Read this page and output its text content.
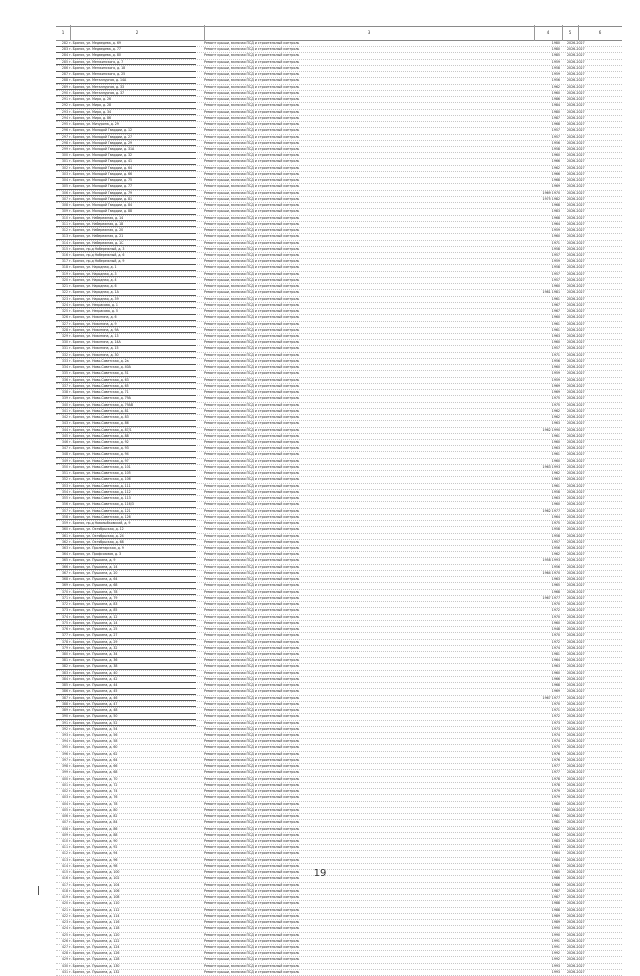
1	2	3	4	5	6
282 г. Брянск, ул. Медведева, д. 69	Ремонт крыши, включая ПСД и строительный контроль	1980 2026-2027
283 г. Брянск, ул. Медведева, д. 77	Ремонт крыши, включая ПСД и строительный контроль	1980 2026-2027
284 г. Брянск, ул. Медведева, д. 80	Ремонт крыши, включая ПСД и строительный контроль	1985 2026-2027
285 г. Брянск, ул. Менжинского, д. 7	Ремонт крыши, включая ПСД и строительный контроль	1959 2026-2027
286 г. Брянск, ул. Менжинского, д. 18	Ремонт крыши, включая ПСД и строительный контроль	1958 2026-2027
287 г. Брянск, ул. Менжинского, д. 25	Ремонт крыши, включая ПСД и строительный контроль	1959 2026-2027
288 г. Брянск, ул. Металлургов, д. 14А	Ремонт крыши, включая ПСД и строительный контроль	1956 2026-2027
289 г. Брянск, ул. Металлургов, д. 33	Ремонт крыши, включая ПСД и строительный контроль	1962 2026-2027
290 г. Брянск, ул. Металлургов, д. 37	Ремонт крыши, включая ПСД и строительный контроль	1960 2026-2027
291 г. Брянск, ул. Мира, д. 26	Ремонт крыши, включая ПСД и строительный контроль	1986 2026-2027
292 г. Брянск, ул. Мира, д. 28	Ремонт крыши, включая ПСД и строительный контроль	1984 2026-2027
293 г. Брянск, ул. Мира, д. 34	Ремонт крыши, включая ПСД и строительный контроль	1980 2026-2027
294 г. Брянск, ул. Мира, д. 86	Ремонт крыши, включая ПСД и строительный контроль	1987 2026-2027
295 г. Брянск, ул. Мичурина, д. 29	Ремонт крыши, включая ПСД и строительный контроль	1968 2026-2027
296 г. Брянск, ул. Молодой Гвардии, д. 12	Ремонт крыши, включая ПСД и строительный контроль	1957 2026-2027
297 г. Брянск, ул. Молодой Гвардии, д. 27	Ремонт крыши, включая ПСД и строительный контроль	1957 2026-2027
298 г. Брянск, ул. Молодой Гвардии, д. 29	Ремонт крыши, включая ПСД и строительный контроль	1956 2026-2027
299 г. Брянск, ул. Молодой Гвардии, д. 31А	Ремонт крыши, включая ПСД и строительный контроль	1958 2026-2027
300 г. Брянск, ул. Молодой Гвардии, д. 32	Ремонт крыши, включая ПСД и строительный контроль	1960 2026-2027
301 г. Брянск, ул. Молодой Гвардии, д. 41	Ремонт крыши, включая ПСД и строительный контроль	1966 2026-2027
302 г. Брянск, ул. Молодой Гвардии, д. 64	Ремонт крыши, включая ПСД и строительный контроль	1962 2026-2027
303 г. Брянск, ул. Молодой Гвардии, д. 66	Ремонт крыши, включая ПСД и строительный контроль	1966 2026-2027
304 г. Брянск, ул. Молодой Гвардии, д. 75	Ремонт крыши, включая ПСД и строительный контроль	1968 2026-2027
305 г. Брянск, ул. Молодой Гвардии, д. 77	Ремонт крыши, включая ПСД и строительный контроль	1969 2026-2027
306 г. Брянск, ул. Молодой Гвардии, д. 79	Ремонт крыши, включая ПСД и строительный контроль	1969 1970 2026-2027
307 г. Брянск, ул. Молодой Гвардии, д. 81	Ремонт крыши, включая ПСД и строительный контроль	1975 1982 2026-2027
308 г. Брянск, ул. Молодой Гвардии, д. 84	Ремонт крыши, включая ПСД и строительный контроль	1968 2026-2027
309 г. Брянск, ул. Молодой Гвардии, д. 88	Ремонт крыши, включая ПСД и строительный контроль	1983 2026-2027
310 г. Брянск, ул. Набережная, д. 14	Ремонт крыши, включая ПСД и строительный контроль	1968 2026-2027
311 г. Брянск, ул. Набережная, д. 18	Ремонт крыши, включая ПСД и строительный контроль	1964 2026-2027
312 г. Брянск, ул. Набережная, д. 20	Ремонт крыши, включая ПСД и строительный контроль	1959 2026-2027
313 г. Брянск, ул. Набережная, д. 21	Ремонт крыши, включая ПСД и строительный контроль	1960 2026-2027
314 г. Брянск, ул. Набережная, д. 1С	Ремонт крыши, включая ПСД и строительный контроль	1971 2026-2027
315 г. Брянск, пр-д Набережный, д. 3	Ремонт крыши, включая ПСД и строительный контроль	1958 2026-2027
316 г. Брянск, пр-д Набережный, д. 6	Ремонт крыши, включая ПСД и строительный контроль	1957 2026-2027
317 г. Брянск, пр-д Набережный, д. 9	Ремонт крыши, включая ПСД и строительный контроль	1959 2026-2027
318 г. Брянск, ул. Народная, д. 1	Ремонт крыши, включая ПСД и строительный контроль	1958 2026-2027
319 г. Брянск, ул. Народная, д. 3	Ремонт крыши, включая ПСД и строительный контроль	1957 2026-2027
320 г. Брянск, ул. Народная, д. 4	Ремонт крыши, включая ПСД и строительный контроль	1957 2026-2027
321 г. Брянск, ул. Народная, д. 6	Ремонт крыши, включая ПСД и строительный контроль	1960 2026-2027
322 г. Брянск, ул. Народная, д. 1А	Ремонт крыши, включая ПСД и строительный контроль	1981 1981 2026-2027
323 г. Брянск, ул. Народная, д. 39	Ремонт крыши, включая ПСД и строительный контроль	1961 2026-2027
324 г. Брянск, ул. Некрасова, д. 1	Ремонт крыши, включая ПСД и строительный контроль	1967 2026-2027
325 г. Брянск, ул. Некрасова, д. 5	Ремонт крыши, включая ПСД и строительный контроль	1967 2026-2027
326 г. Брянск, ул. Никитина, д. 6	Ремонт крыши, включая ПСД и строительный контроль	1960 2026-2027
327 г. Брянск, ул. Никитина, д. 9	Ремонт крыши, включая ПСД и строительный контроль	1961 2026-2027
328 г. Брянск, ул. Никитина, д. 9А	Ремонт крыши, включая ПСД и строительный контроль	1961 2026-2027
329 г. Брянск, ул. Никитина, д. 13	Ремонт крыши, включая ПСД и строительный контроль	1963 2026-2027
330 г. Брянск, ул. Никитина, д. 14А	Ремонт крыши, включая ПСД и строительный контроль	1960 2026-2027
331 г. Брянск, ул. Никитина, д. 15	Ремонт крыши, включая ПСД и строительный контроль	1957 2026-2027
332 г. Брянск, ул. Никитина, д. 30	Ремонт крыши, включая ПСД и строительный контроль	1971 2026-2027
333 г. Брянск, ул. Ново-Советская, д. 2а	Ремонт крыши, включая ПСД и строительный контроль	1956 2026-2027
334 г. Брянск, ул. Ново-Советская, д. 40А	Ремонт крыши, включая ПСД и строительный контроль	1960 2026-2027
335 г. Брянск, ул. Ново-Советская, д. 51	Ремонт крыши, включая ПСД и строительный контроль	1959 2026-2027
336 г. Брянск, ул. Ново-Советская, д. 63	Ремонт крыши, включая ПСД и строительный контроль	1959 2026-2027
337 г. Брянск, ул. Ново-Советская, д. 65	Ремонт крыши, включая ПСД и строительный контроль	1969 2026-2027
338 г. Брянск, ул. Ново-Советская, д. 71	Ремонт крыши, включая ПСД и строительный контроль	1969 2026-2027
339 г. Брянск, ул. Ново-Советская, д. 79А	Ремонт крыши, включая ПСД и строительный контроль	1975 2026-2027
340 г. Брянск, ул. Ново-Советская, д. 79АВ	Ремонт крыши, включая ПСД и строительный контроль	1975 2026-2027
341 г. Брянск, ул. Ново-Советская, д. 81	Ремонт крыши, включая ПСД и строительный контроль	1962 2026-2027
342 г. Брянск, ул. Ново-Советская, д. 83	Ремонт крыши, включая ПСД и строительный контроль	1962 2026-2027
343 г. Брянск, ул. Ново-Советская, д. 86	Ремонт крыши, включая ПСД и строительный контроль	1963 2026-2027
344 г. Брянск, ул. Ново-Советская, д. 87/1	Ремонт крыши, включая ПСД и строительный контроль	1962 1990 2026-2027
345 г. Брянск, ул. Ново-Советская, д. 88	Ремонт крыши, включая ПСД и строительный контроль	1961 2026-2027
346 г. Брянск, ул. Ново-Советская, д. 92	Ремонт крыши, включая ПСД и строительный контроль	1960 2026-2027
347 г. Брянск, ул. Ново-Советская, д. 93	Ремонт крыши, включая ПСД и строительный контроль	1963 2026-2027
348 г. Брянск, ул. Ново-Советская, д. 94	Ремонт крыши, включая ПСД и строительный контроль	1961 2026-2027
349 г. Брянск, ул. Ново-Советская, д. 97	Ремонт крыши, включая ПСД и строительный контроль	1960 2026-2027
350 г. Брянск, ул. Ново-Советская, д. 101	Ремонт крыши, включая ПСД и строительный контроль	1963 1993 2026-2027
351 г. Брянск, ул. Ново-Советская, д. 105	Ремонт крыши, включая ПСД и строительный контроль	1962 2026-2027
352 г. Брянск, ул. Ново-Советская, д. 106	Ремонт крыши, включая ПСД и строительный контроль	1963 2026-2027
353 г. Брянск, ул. Ново-Советская, д. 111	Ремонт крыши, включая ПСД и строительный контроль	1961 2026-2027
354 г. Брянск, ул. Ново-Советская, д. 112	Ремонт крыши, включая ПСД и строительный контроль	1958 2026-2027
355 г. Брянск, ул. Ново-Советская, д. 113	Ремонт крыши, включая ПСД и строительный контроль	1963 2026-2027
356 г. Брянск, ул. Ново-Советская, д. 116/3	Ремонт крыши, включая ПСД и строительный контроль	1960 2026-2027
357 г. Брянск, ул. Ново-Советская, д. 121	Ремонт крыши, включая ПСД и строительный контроль	1962 1977 2026-2027
358 г. Брянск, ул. Ново-Советская, д. 126	Ремонт крыши, включая ПСД и строительный контроль	1964 2026-2027
359 г. Брянск, пр-д Новозыбковский, д. 9	Ремонт крыши, включая ПСД и строительный контроль	1975 2026-2027
360 г. Брянск, ул. Октябрьская, д. 12	Ремонт крыши, включая ПСД и строительный контроль	1958 2026-2027
361 г. Брянск, ул. Октябрьская, д. 24	Ремонт крыши, включая ПСД и строительный контроль	1958 2026-2027
362 г. Брянск, ул. Октябрьская, д. 68	Ремонт крыши, включая ПСД и строительный контроль	1957 2026-2027
363 г. Брянск, ул. Пролетарская, д. 9	Ремонт крыши, включая ПСД и строительный контроль	1956 2026-2027
364 г. Брянск, ул. Профсоюзов, д. 3	Ремонт крыши, включая ПСД и строительный контроль	1962 2026-2027
365 г. Брянск, ул. Пушкина, д. 9	Ремонт крыши, включая ПСД и строительный контроль	1958 1993 2026-2027
366 г. Брянск, ул. Пушкина, д. 14	Ремонт крыши, включая ПСД и строительный контроль	1956 2026-2027
367 г. Брянск, ул. Пушкина, д. 20	Ремонт крыши, включая ПСД и строительный контроль	1964 1970 2026-2027
368 г. Брянск, ул. Пушкина, д. 64	Ремонт крыши, включая ПСД и строительный контроль	1963 2026-2027
369 г. Брянск, ул. Пушкина, д. 68	Ремонт крыши, включая ПСД и строительный контроль	1965 2026-2027
370 г. Брянск, ул. Пушкина, д. 78	Ремонт крыши, включая ПСД и строительный контроль	1968 2026-2027
371 г. Брянск, ул. Пушкина, д. 79	Ремонт крыши, включая ПСД и строительный контроль	1967 1977 2026-2027
372 г. Брянск, ул. Пушкина, д. 83	Ремонт крыши, включая ПСД и строительный контроль	1970 2026-2027
373 г. Брянск, ул. Пушкина, д. 85	Ремонт крыши, включая ПСД и строительный контроль	1972 2026-2027
374 г. Брянск, ул. Пушкина, д. 12	Ремонт крыши, включая ПСД и строительный контроль	1970 2026-2027
375 г. Брянск, ул. Пушкина, д. 14	Ремонт крыши, включая ПСД и строительный контроль	1960 2026-2027
376 г. Брянск, ул. Пушкина, д. 25	Ремонт крыши, включая ПСД и строительный контроль	1948 2026-2027
377 г. Брянск, ул. Пушкина, д. 27	Ремонт крыши, включая ПСД и строительный контроль	1970 2026-2027
378 г. Брянск, ул. Пушкина, д. 29	Ремонт крыши, включая ПСД и строительный контроль	1972 2026-2027
379 г. Брянск, ул. Пушкина, д. 32	Ремонт крыши, включая ПСД и строительный контроль	1974 2026-2027
380 г. Брянск, ул. Пушкина, д. 34	Ремонт крыши, включая ПСД и строительный контроль	1981 2026-2027
381 г. Брянск, ул. Пушкина, д. 36	Ремонт крыши, включая ПСД и строительный контроль	1964 2026-2027
382 г. Брянск, ул. Пушкина, д. 38	Ремонт крыши, включая ПСД и строительный контроль	1963 2026-2027
383 г. Брянск, ул. Пушкина, д. 40	Ремонт крыши, включая ПСД и строительный контроль	1960 2026-2027
384 г. Брянск, ул. Пушкина, д. 42	Ремонт крыши, включая ПСД и строительный контроль	1966 2026-2027
385 г. Брянск, ул. Пушкина, д. 44	Ремонт крыши, включая ПСД и строительный контроль	1968 2026-2027
386 г. Брянск, ул. Пушкина, д. 45	Ремонт крыши, включая ПСД и строительный контроль	1969 2026-2027
387 г. Брянск, ул. Пушкина, д. 46	Ремонт крыши, включая ПСД и строительный контроль	1967 1977 2026-2027
388 г. Брянск, ул. Пушкина, д. 47	Ремонт крыши, включая ПСД и строительный контроль	1970 2026-2027
389 г. Брянск, ул. Пушкина, д. 48	Ремонт крыши, включая ПСД и строительный контроль	1971 2026-2027
390 г. Брянск, ул. Пушкина, д. 50	Ремонт крыши, включая ПСД и строительный контроль	1972 2026-2027
391 г. Брянск, ул. Пушкина, д. 52	Ремонт крыши, включая ПСД и строительный контроль	1973 2026-2027
392 г. Брянск, ул. Пушкина, д. 54	Ремонт крыши, включая ПСД и строительный контроль	1973 2026-2027
393 г. Брянск, ул. Пушкина, д. 56	Ремонт крыши, включая ПСД и строительный контроль	1974 2026-2027
394 г. Брянск, ул. Пушкина, д. 58	Ремонт крыши, включая ПСД и строительный контроль	1974 2026-2027
395 г. Брянск, ул. Пушкина, д. 60	Ремонт крыши, включая ПСД и строительный контроль	1975 2026-2027
396 г. Брянск, ул. Пушкина, д. 62	Ремонт крыши, включая ПСД и строительный контроль	1976 2026-2027
397 г. Брянск, ул. Пушкина, д. 64	Ремонт крыши, включая ПСД и строительный контроль	1976 2026-2027
398 г. Брянск, ул. Пушкина, д. 66	Ремонт крыши, включая ПСД и строительный контроль	1977 2026-2027
399 г. Брянск, ул. Пушкина, д. 68	Ремонт крыши, включая ПСД и строительный контроль	1977 2026-2027
400 г. Брянск, ул. Пушкина, д. 70	Ремонт крыши, включая ПСД и строительный контроль	1978 2026-2027
401 г. Брянск, ул. Пушкина, д. 72	Ремонт крыши, включая ПСД и строительный контроль	1978 2026-2027
402 г. Брянск, ул. Пушкина, д. 74	Ремонт крыши, включая ПСД и строительный контроль	1979 2026-2027
403 г. Брянск, ул. Пушкина, д. 76	Ремонт крыши, включая ПСД и строительный контроль	1979 2026-2027
404 г. Брянск, ул. Пушкина, д. 78	Ремонт крыши, включая ПСД и строительный контроль	1980 2026-2027
405 г. Брянск, ул. Пушкина, д. 80	Ремонт крыши, включая ПСД и строительный контроль	1980 2026-2027
406 г. Брянск, ул. Пушкина, д. 82	Ремонт крыши, включая ПСД и строительный контроль	1981 2026-2027
407 г. Брянск, ул. Пушкина, д. 84	Ремонт крыши, включая ПСД и строительный контроль	1981 2026-2027
408 г. Брянск, ул. Пушкина, д. 86	Ремонт крыши, включая ПСД и строительный контроль	1982 2026-2027
409 г. Брянск, ул. Пушкина, д. 88	Ремонт крыши, включая ПСД и строительный контроль	1982 2026-2027
410 г. Брянск, ул. Пушкина, д. 90	Ремонт крыши, включая ПСД и строительный контроль	1983 2026-2027
411 г. Брянск, ул. Пушкина, д. 92	Ремонт крыши, включая ПСД и строительный контроль	1983 2026-2027
412 г. Брянск, ул. Пушкина, д. 94	Ремонт крыши, включая ПСД и строительный контроль	1984 2026-2027
413 г. Брянск, ул. Пушкина, д. 96	Ремонт крыши, включая ПСД и строительный контроль	1984 2026-2027
414 г. Брянск, ул. Пушкина, д. 98	Ремонт крыши, включая ПСД и строительный контроль	1985 2026-2027
415 г. Брянск, ул. Пушкина, д. 100	Ремонт крыши, включая ПСД и строительный контроль	1985 2026-2027
416 г. Брянск, ул. Пушкина, д. 102	Ремонт крыши, включая ПСД и строительный контроль	1986 2026-2027
417 г. Брянск, ул. Пушкина, д. 104	Ремонт крыши, включая ПСД и строительный контроль	1986 2026-2027
418 г. Брянск, ул. Пушкина, д. 106	Ремонт крыши, включая ПСД и строительный контроль	1987 2026-2027
419 г. Брянск, ул. Пушкина, д. 108	Ремонт крыши, включая ПСД и строительный контроль	1987 2026-2027
420 г. Брянск, ул. Пушкина, д. 110	Ремонт крыши, включая ПСД и строительный контроль	1988 2026-2027
421 г. Брянск, ул. Пушкина, д. 112	Ремонт крыши, включая ПСД и строительный контроль	1988 2026-2027
422 г. Брянск, ул. Пушкина, д. 114	Ремонт крыши, включая ПСД и строительный контроль	1989 2026-2027
423 г. Брянск, ул. Пушкина, д. 116	Ремонт крыши, включая ПСД и строительный контроль	1989 2026-2027
424 г. Брянск, ул. Пушкина, д. 118	Ремонт крыши, включая ПСД и строительный контроль	1990 2026-2027
425 г. Брянск, ул. Пушкина, д. 120	Ремонт крыши, включая ПСД и строительный контроль	1990 2026-2027
426 г. Брянск, ул. Пушкина, д. 122	Ремонт крыши, включая ПСД и строительный контроль	1991 2026-2027
427 г. Брянск, ул. Пушкина, д. 124	Ремонт крыши, включая ПСД и строительный контроль	1991 2026-2027
428 г. Брянск, ул. Пушкина, д. 126	Ремонт крыши, включая ПСД и строительный контроль	1992 2026-2027
429 г. Брянск, ул. Пушкина, д. 128	Ремонт крыши, включая ПСД и строительный контроль	1992 2026-2027
430 г. Брянск, ул. Пушкина, д. 130	Ремонт крыши, включая ПСД и строительный контроль	1993 2026-2027
431 г. Брянск, ул. Пушкина, д. 132	Ремонт крыши, включая ПСД и строительный контроль	1993 2026-2027
19
